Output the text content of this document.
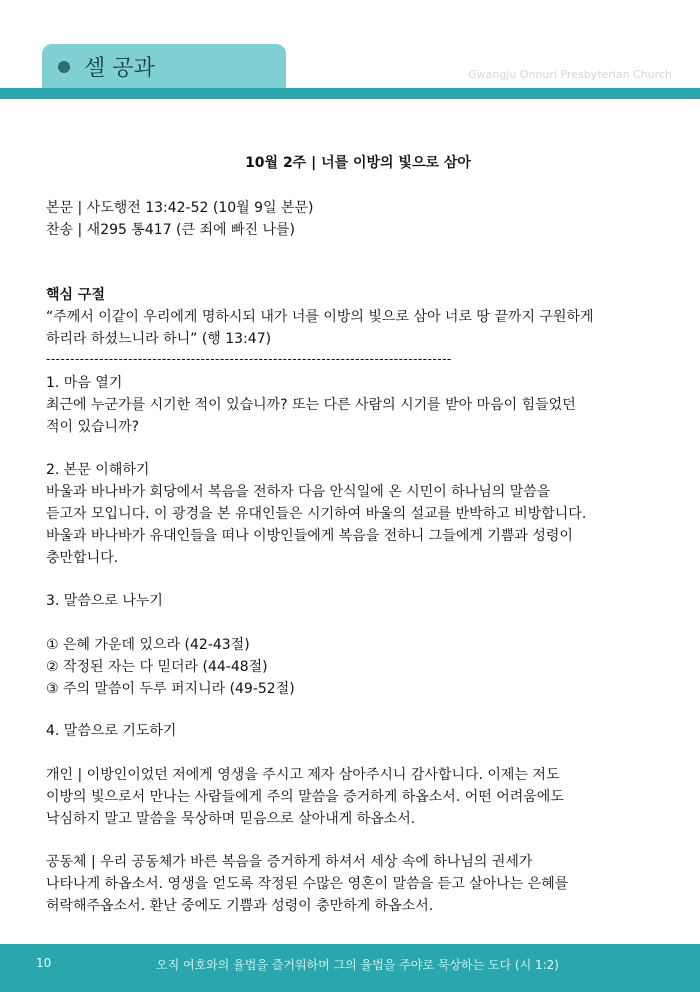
셀 공과	Gwangju Onnuri Presbyterian Church
10월 2주 | 너를 이방의 빛으로 삼아
본문 | 사도행전 13:42-52 (10월 9일 본문)
찬송 | 새295 통417 (큰 죄에 빠진 나를)
핵심 구절
“주께서 이같이 우리에게 명하시되 내가 너를 이방의 빛으로 삼아 너로 땅 끝까지 구원하게
하리라 하셨느니라 하니” (행 13:47)
------------------------------------------------------------------------------------
1. 마음 열기
최근에 누군가를 시기한 적이 있습니까? 또는 다른 사람의 시기를 받아 마음이 힘들었던
적이 있습니까?
2. 본문 이해하기
바울과 바나바가 회당에서 복음을 전하자 다음 안식일에 온 시민이 하나님의 말씀을
듣고자 모입니다. 이 광경을 본 유대인들은 시기하여 바울의 설교를 반박하고 비방합니다.
바울과 바나바가 유대인들을 떠나 이방인들에게 복음을 전하니 그들에게 기쁨과 성령이
충만합니다.
3. 말씀으로 나누기
① 은혜 가운데 있으라 (42-43절)
② 작정된 자는 다 믿더라 (44-48절)
③ 주의 말씀이 두루 퍼지니라 (49-52절)
4. 말씀으로 기도하기
개인 | 이방인이었던 저에게 영생을 주시고 제자 삼아주시니 감사합니다. 이제는 저도
이방의 빛으로서 만나는 사람들에게 주의 말씀을 증거하게 하옵소서. 어떤 어려움에도
낙심하지 말고 말씀을 묵상하며 믿음으로 살아내게 하옵소서.
공동체 | 우리 공동체가 바른 복음을 증거하게 하셔서 세상 속에 하나님의 권세가
나타나게 하옵소서. 영생을 얻도록 작정된 수많은 영혼이 말씀을 듣고 살아나는 은혜를
허락해주옵소서. 환난 중에도 기쁨과 성령이 충만하게 하옵소서.
10	오직 여호와의 율법을 즐거워하며 그의 율법을 주야로 묵상하는 도다 (시 1:2)
